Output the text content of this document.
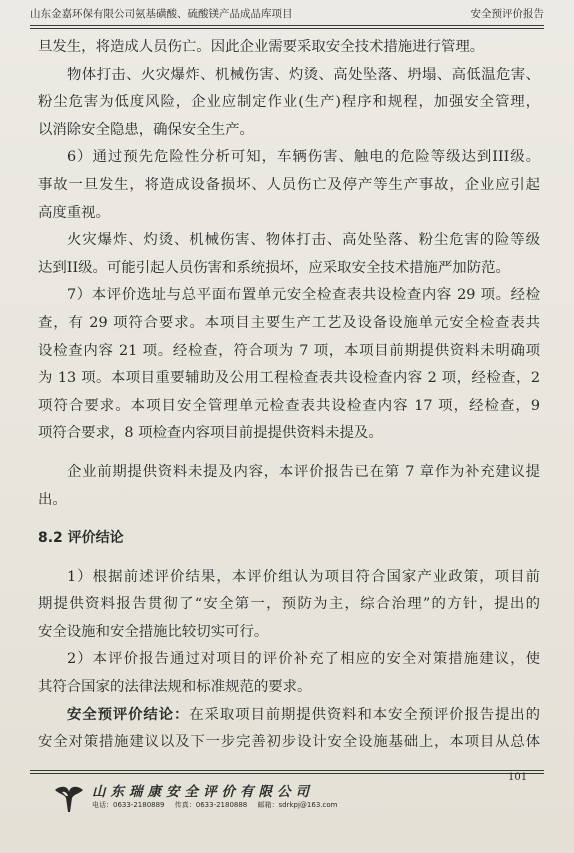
山东金嘉环保有限公司氨基磺酸、硫酸镁产品成品库项目	安全预评价报告
旦发生，将造成人员伤亡。因此企业需要采取安全技术措施进行管理。
物体打击、火灾爆炸、机械伤害、灼烫、高处坠落、坍塌、高低温危害、
粉尘危害为低度风险，企业应制定作业(生产)程序和规程，加强安全管理，
以消除安全隐患，确保安全生产。
6）通过预先危险性分析可知，车辆伤害、触电的危险等级达到III级。
事故一旦发生，将造成设备损坏、人员伤亡及停产等生产事故，企业应引起
高度重视。
火灾爆炸、灼烫、机械伤害、物体打击、高处坠落、粉尘危害的险等级
达到II级。可能引起人员伤害和系统损坏，应采取安全技术措施严加防范。
7）本评价选址与总平面布置单元安全检查表共设检查内容 29 项。经检
查，有 29 项符合要求。本项目主要生产工艺及设备设施单元安全检查表共
设检查内容 21 项。经检查，符合项为 7 项，本项目前期提供资料未明确项
为 13 项。本项目重要辅助及公用工程检查表共设检查内容 2 项，经检查，2
项符合要求。本项目安全管理单元检查表共设检查内容 17 项，经检查，9
项符合要求，8 项检查内容项目前提提供资料未提及。
企业前期提供资料未提及内容，本评价报告已在第 7 章作为补充建议提
出。
8.2 评价结论
1）根据前述评价结果，本评价组认为项目符合国家产业政策，项目前
期提供资料报告贯彻了“安全第一，预防为主，综合治理”的方针，提出的
安全设施和安全措施比较切实可行。
2）本评价报告通过对项目的评价补充了相应的安全对策措施建议，使
其符合国家的法律法规和标准规范的要求。
安全预评价结论：在采取项目前期提供资料和本安全预评价报告提出的
安全对策措施建议以及下一步完善初步设计安全设施基础上，本项目从总体
山东瑞康安全评价有限公司
电话：0633-2180889 传真：0633-2180888 邮箱：sdrkpj@163.com
101
